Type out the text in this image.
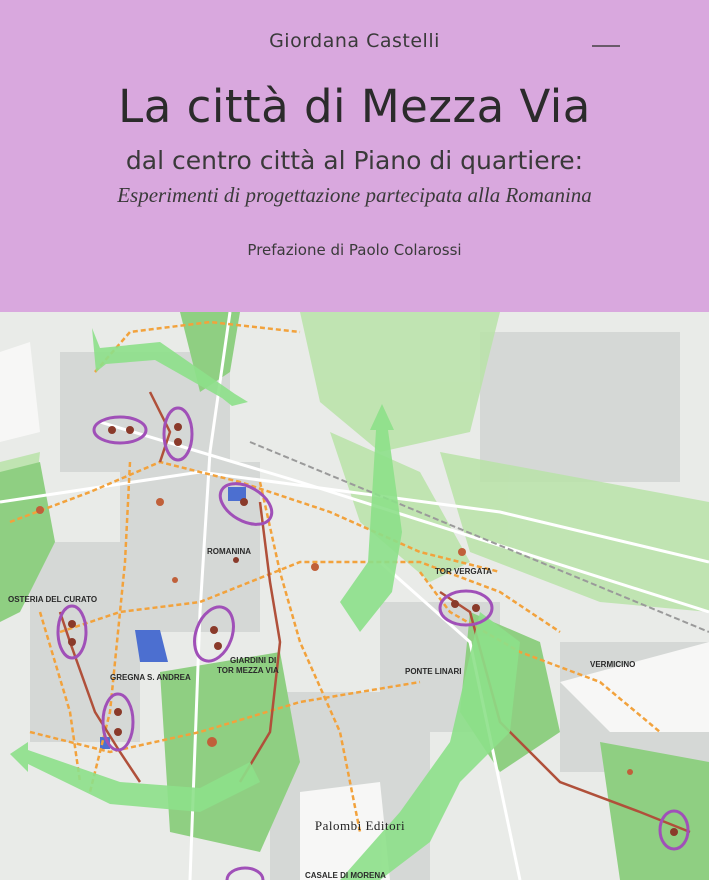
Giordana Castelli
La città di Mezza Via
dal centro città al Piano di quartiere:
Esperimenti di progettazione partecipata alla Romanina
Prefazione di Paolo Colarossi
ROMANINA
TOR VERGATA
OSTERIA DEL CURATO
GREGNA S. ANDREA
GIARDINI DI
TOR MEZZA VIA	PONTE LINARI
VERMICINO
CASALE DI MORENA
Palombi Editori
